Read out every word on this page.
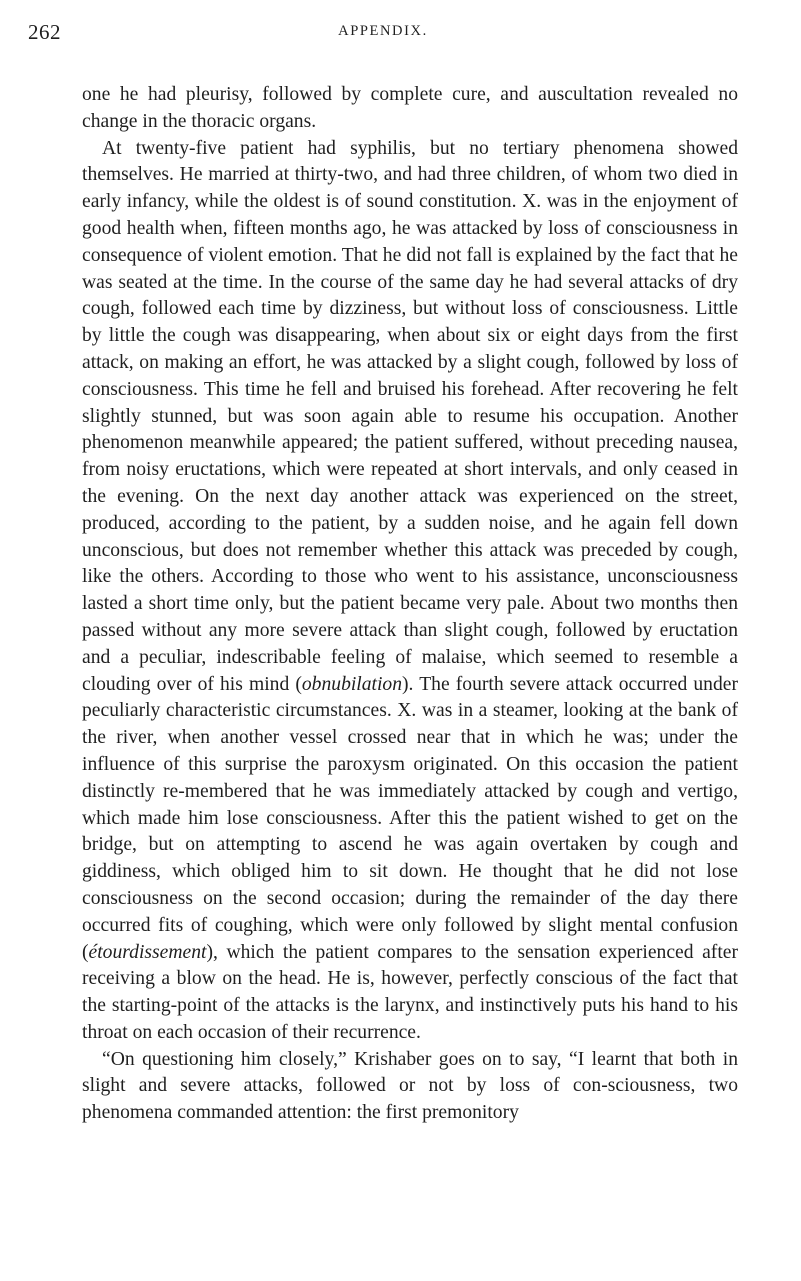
262	APPENDIX.

one he had pleurisy, followed by complete cure, and auscultation revealed no change in the thoracic organs.

At twenty-five patient had syphilis, but no tertiary phenomena showed themselves. He married at thirty-two, and had three children, of whom two died in early infancy, while the oldest is of sound constitution. X. was in the enjoyment of good health when, fifteen months ago, he was attacked by loss of consciousness in consequence of violent emotion. That he did not fall is explained by the fact that he was seated at the time. In the course of the same day he had several attacks of dry cough, followed each time by dizziness, but without loss of consciousness. Little by little the cough was disappearing, when about six or eight days from the first attack, on making an effort, he was attacked by a slight cough, followed by loss of consciousness. This time he fell and bruised his forehead. After recovering he felt slightly stunned, but was soon again able to resume his occupation. Another phenomenon meanwhile appeared; the patient suffered, without preceding nausea, from noisy eructations, which were repeated at short intervals, and only ceased in the evening. On the next day another attack was experienced on the street, produced, according to the patient, by a sudden noise, and he again fell down unconscious, but does not remember whether this attack was preceded by cough, like the others. According to those who went to his assistance, unconsciousness lasted a short time only, but the patient became very pale. About two months then passed without any more severe attack than slight cough, followed by eructation and a peculiar, indescribable feeling of malaise, which seemed to resemble a clouding over of his mind (obnubilation). The fourth severe attack occurred under peculiarly characteristic circumstances. X. was in a steamer, looking at the bank of the river, when another vessel crossed near that in which he was; under the influence of this surprise the paroxysm originated. On this occasion the patient distinctly re-membered that he was immediately attacked by cough and vertigo, which made him lose consciousness. After this the patient wished to get on the bridge, but on attempting to ascend he was again overtaken by cough and giddiness, which obliged him to sit down. He thought that he did not lose consciousness on the second occasion; during the remainder of the day there occurred fits of coughing, which were only followed by slight mental confusion (étourdissement), which the patient compares to the sensation experienced after receiving a blow on the head. He is, however, perfectly conscious of the fact that the starting-point of the attacks is the larynx, and instinctively puts his hand to his throat on each occasion of their recurrence.

“On questioning him closely,” Krishaber goes on to say, “I learnt that both in slight and severe attacks, followed or not by loss of con-sciousness, two phenomena commanded attention: the first premonitory
